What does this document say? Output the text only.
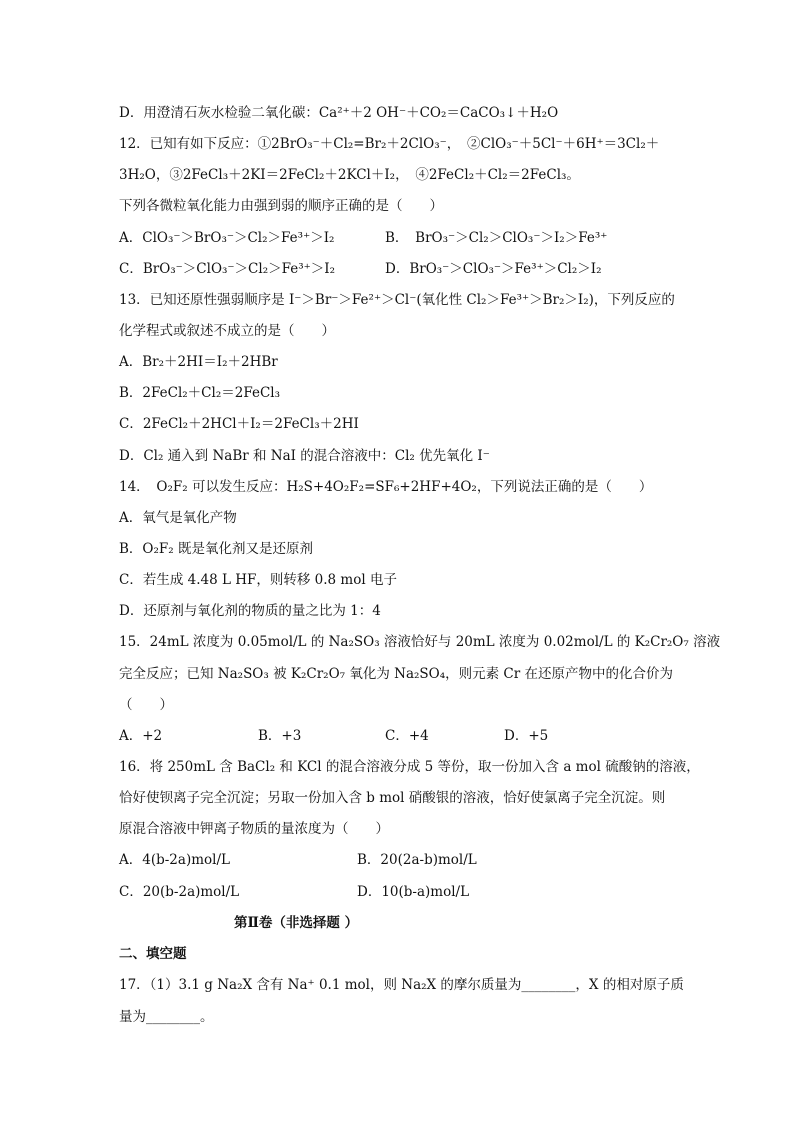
D．用澄清石灰水检验二氧化碳：Ca²⁺＋2 OH⁻＋CO₂＝CaCO₃↓＋H₂O
12．已知有如下反应：①2BrO₃⁻＋Cl₂=Br₂＋2ClO₃⁻，　②ClO₃⁻＋5Cl⁻＋6H⁺＝3Cl₂＋
3H₂O，③2FeCl₃＋2KI＝2FeCl₂＋2KCl＋I₂，　④2FeCl₂＋Cl₂＝2FeCl₃。
下列各微粒氧化能力由强到弱的顺序正确的是（　　）
A．ClO₃⁻＞BrO₃⁻＞Cl₂＞Fe³⁺＞I₂	B．　BrO₃⁻＞Cl₂＞ClO₃⁻＞I₂＞Fe³⁺
C．BrO₃⁻＞ClO₃⁻＞Cl₂＞Fe³⁺＞I₂	D．BrO₃⁻＞ClO₃⁻＞Fe³⁺＞Cl₂＞I₂
13．已知还原性强弱顺序是 I⁻＞Br⁻＞Fe²⁺＞Cl⁻(氧化性 Cl₂＞Fe³⁺＞Br₂＞I₂)，下列反应的
化学程式或叙述不成立的是（　　）
A．Br₂＋2HI＝I₂＋2HBr
B．2FeCl₂＋Cl₂＝2FeCl₃
C．2FeCl₂＋2HCl＋I₂＝2FeCl₃＋2HI
D．Cl₂ 通入到 NaBr 和 NaI 的混合溶液中：Cl₂ 优先氧化 I⁻
14．　O₂F₂ 可以发生反应：H₂S+4O₂F₂=SF₆+2HF+4O₂，下列说法正确的是（　　）
A．氧气是氧化产物
B．O₂F₂ 既是氧化剂又是还原剂
C．若生成 4.48 L HF，则转移 0.8 mol 电子
D．还原剂与氧化剂的物质的量之比为 1：4
15．24mL 浓度为 0.05mol/L 的 Na₂SO₃ 溶液恰好与 20mL 浓度为 0.02mol/L 的 K₂Cr₂O₇ 溶液
完全反应；已知 Na₂SO₃ 被 K₂Cr₂O₇ 氧化为 Na₂SO₄，则元素 Cr 在还原产物中的化合价为
（　　）
A．+2	B．+3	C．+4	D．+5
16．将 250mL 含 BaCl₂ 和 KCl 的混合溶液分成 5 等份，取一份加入含 a mol 硫酸钠的溶液，
恰好使钡离子完全沉淀；另取一份加入含 b mol 硝酸银的溶液，恰好使氯离子完全沉淀。则
原混合溶液中钾离子物质的量浓度为（　　）
A．4(b-2a)mol/L	B．20(2a-b)mol/L
C．20(b-2a)mol/L	D．10(b-a)mol/L
第Ⅱ卷（非选择题 ）
二、填空题
17．（1）3.1 g Na₂X 含有 Na⁺ 0.1 mol，则 Na₂X 的摩尔质量为________，X 的相对原子质
量为________。
